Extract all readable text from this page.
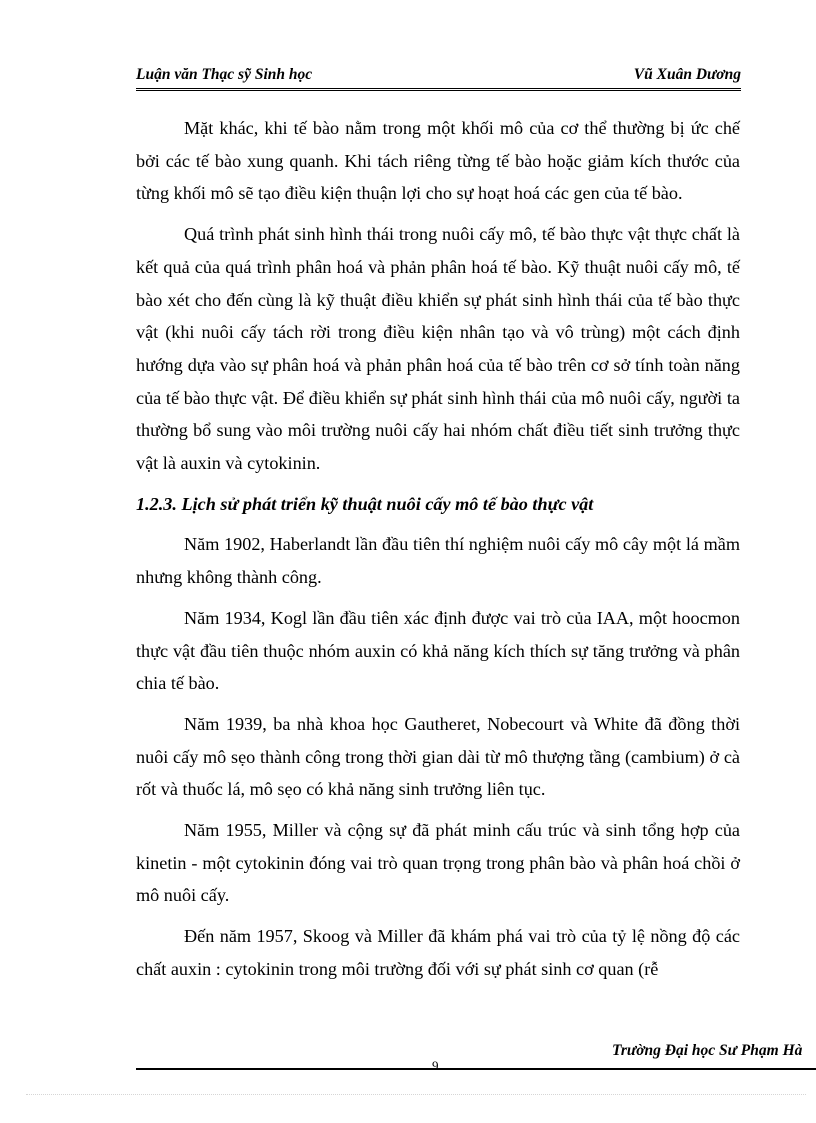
Luận văn Thạc sỹ Sinh học	Vũ Xuân Dương

Mặt khác, khi tế bào nằm trong một khối mô của cơ thể thường bị ức chế bởi các tế bào xung quanh. Khi tách riêng từng tế bào hoặc giảm kích thước của từng khối mô sẽ tạo điều kiện thuận lợi cho sự hoạt hoá các gen của tế bào.

Quá trình phát sinh hình thái trong nuôi cấy mô, tế bào thực vật thực chất là kết quả của quá trình phân hoá và phản phân hoá tế bào. Kỹ thuật nuôi cấy mô, tế bào xét cho đến cùng là kỹ thuật điều khiển sự phát sinh hình thái của tế bào thực vật (khi nuôi cấy tách rời trong điều kiện nhân tạo và vô trùng) một cách định hướng dựa vào sự phân hoá và phản phân hoá của tế bào trên cơ sở tính toàn năng của tế bào thực vật. Để điều khiển sự phát sinh hình thái của mô nuôi cấy, người ta thường bổ sung vào môi trường nuôi cấy hai nhóm chất điều tiết sinh trưởng thực vật là auxin và cytokinin.

1.2.3. Lịch sử phát triển kỹ thuật nuôi cấy mô tế bào thực vật

Năm 1902, Haberlandt lần đầu tiên thí nghiệm nuôi cấy mô cây một lá mầm nhưng không thành công.

Năm 1934, Kogl lần đầu tiên xác định được vai trò của IAA, một hoocmon thực vật đầu tiên thuộc nhóm auxin có khả năng kích thích sự tăng trưởng và phân chia tế bào.

Năm 1939, ba nhà khoa học Gautheret, Nobecourt và White đã đồng thời nuôi cấy mô sẹo thành công trong thời gian dài từ mô thượng tầng (cambium) ở cà rốt và thuốc lá, mô sẹo có khả năng sinh trưởng liên tục.

Năm 1955, Miller và cộng sự đã phát minh cấu trúc và sinh tổng hợp của kinetin - một cytokinin đóng vai trò quan trọng trong phân bào và phân hoá chồi ở mô nuôi cấy.

Đến năm 1957, Skoog và Miller đã khám phá vai trò của tỷ lệ nồng độ các chất auxin : cytokinin trong môi trường đối với sự phát sinh cơ quan (rễ

Trường Đại học Sư Phạm Hà
9
